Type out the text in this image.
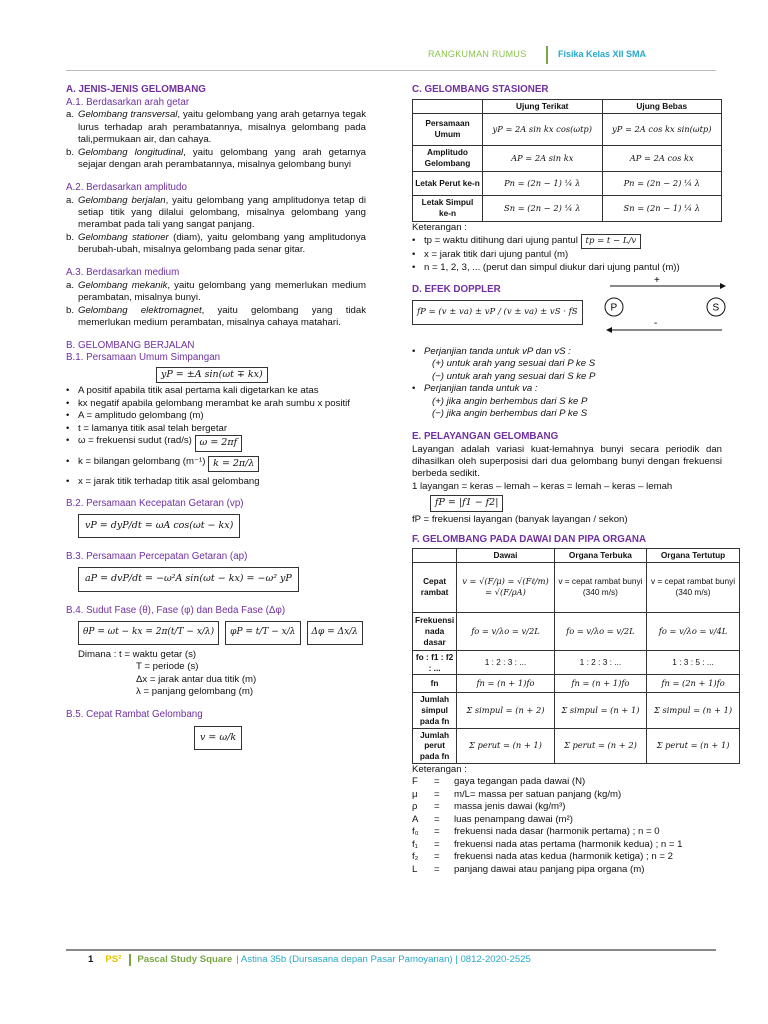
RANGKUMAN RUMUS	Fisika Kelas XII SMA
A. JENIS-JENIS GELOMBANG
A.1. Berdasarkan arah getar
a. Gelombang transversal, yaitu gelombang yang arah getarnya tegak lurus terhadap arah perambatannya, misalnya gelombang pada tali,permukaan air, dan cahaya.
b. Gelombang longitudinal, yaitu gelombang yang arah getarnya sejajar dengan arah perambatannya, misalnya gelombang bunyi
A.2. Berdasarkan amplitudo
a. Gelombang berjalan, yaitu gelombang yang amplitudonya tetap di setiap titik yang dilalui gelombang, misalnya gelombang yang merambat pada tali yang sangat panjang.
b. Gelombang stationer (diam), yaitu gelombang yang amplitudonya berubah-ubah, misalnya gelombang pada senar gitar.
A.3. Berdasarkan medium
a. Gelombang mekanik, yaitu gelombang yang memerlukan medium perambatan, misalnya bunyi.
b. Gelombang elektromagnet, yaitu gelombang yang tidak memerlukan medium perambatan, misalnya cahaya matahari.
B. GELOMBANG BERJALAN
B.1. Persamaan Umum Simpangan
yP = ±A sin(ωt ∓ kx)
• A positif apabila titik asal pertama kali digetarkan ke atas
• kx negatif apabila gelombang merambat ke arah sumbu x positif
• A = amplitudo gelombang (m)
• t = lamanya titik asal telah bergetar
• ω = frekuensi sudut (rad/s)
ω = 2πf
• k = bilangan gelombang (m⁻¹)
k = 2π/λ
• x = jarak titik terhadap titik asal gelombang
B.2. Persamaan Kecepatan Getaran (vp)
vP = dyP/dt = ωA cos(ωt − kx)
B.3. Persamaan Percepatan Getaran (ap)
aP = dvP/dt = −ω²A sin(ωt − kx) = −ω² yP
B.4. Sudut Fase (θ), Fase (φ) dan Beda Fase (Δφ)
θP = ωt − kx = 2π(t/T − x/λ)	φP = t/T − x/λ	Δφ = Δx/λ
Dimana : t = waktu getar (s)
T = periode (s)
Δx = jarak antar dua titik (m)
λ = panjang gelombang (m)
B.5. Cepat Rambat Gelombang
v = ω/k
C. GELOMBANG STASIONER
	Ujung Terikat	Ujung Bebas
Persamaan Umum	yP = 2A sin kx cos(ωtp)	yP = 2A cos kx sin(ωtp)
Amplitudo Gelombang	AP = 2A sin kx	AP = 2A cos kx
Letak Perut ke-n	Pn = (2n − 1) ¼ λ	Pn = (2n − 2) ¼ λ
Letak Simpul ke-n	Sn = (2n − 2) ¼ λ	Sn = (2n − 1) ¼ λ
Keterangan :
• tp = waktu ditihung dari ujung pantul
tp = t − L/v
• x = jarak titik dari ujung pantul (m)
• n = 1, 2, 3, ... (perut dan simpul diukur dari ujung pantul (m))
D. EFEK DOPPLER
fP = (v ± va) ± vP / (v ± va) ± vS · fS
+
P	S
-
• Perjanjian tanda untuk vP dan vS :
(+) untuk arah yang sesuai dari P ke S
(−) untuk arah yang sesuai dari S ke P
• Perjanjian tanda untuk va :
(+) jika angin berhembus dari S ke P
(−) jika angin berhembus dari P ke S
E. PELAYANGAN GELOMBANG
Layangan adalah variasi kuat-lemahnya bunyi secara periodik dan dihasilkan oleh superposisi dari dua gelombang bunyi dengan frekuensi berbeda sedikit.
1 layangan = keras – lemah – keras = lemah – keras – lemah
fP = |f1 − f2|
fP = frekuensi layangan (banyak layangan / sekon)
F. GELOMBANG PADA DAWAI DAN PIPA ORGANA
	Dawai	Organa Terbuka	Organa Tertutup
Cepat rambat	v = √(F/μ) = √(Fℓ/m) = √(F/ρA)	v = cepat rambat bunyi (340 m/s)	v = cepat rambat bunyi (340 m/s)
Frekuensi nada dasar	fo = v/λo = v/2L	fo = v/λo = v/2L	fo = v/λo = v/4L
fo : f1 : f2 : ...	1 : 2 : 3 : ...	1 : 2 : 3 : ...	1 : 3 : 5 : ...
fn	fn = (n + 1)fo	fn = (n + 1)fo	fn = (2n + 1)fo
Jumlah simpul pada fn	Σ simpul = (n + 2)	Σ simpul = (n + 1)	Σ simpul = (n + 1)
Jumlah perut pada fn	Σ perut = (n + 1)	Σ perut = (n + 2)	Σ perut = (n + 1)
Keterangan :
F	=	gaya tegangan pada dawai (N)
μ	=	m/L= massa per satuan panjang (kg/m)
ρ	=	massa jenis dawai (kg/m³)
A	=	luas penampang dawai (m²)
f₀	=	frekuensi nada dasar (harmonik pertama) ; n = 0
f₁	=	frekuensi nada atas pertama (harmonik kedua) ; n = 1
f₂	=	frekuensi nada atas kedua (harmonik ketiga) ; n = 2
L	=	panjang dawai atau panjang pipa organa (m)
1 PS² Pascal Study Square | Astina 35b (Dursasana depan Pasar Pamoyanan) | 0812-2020-2525
